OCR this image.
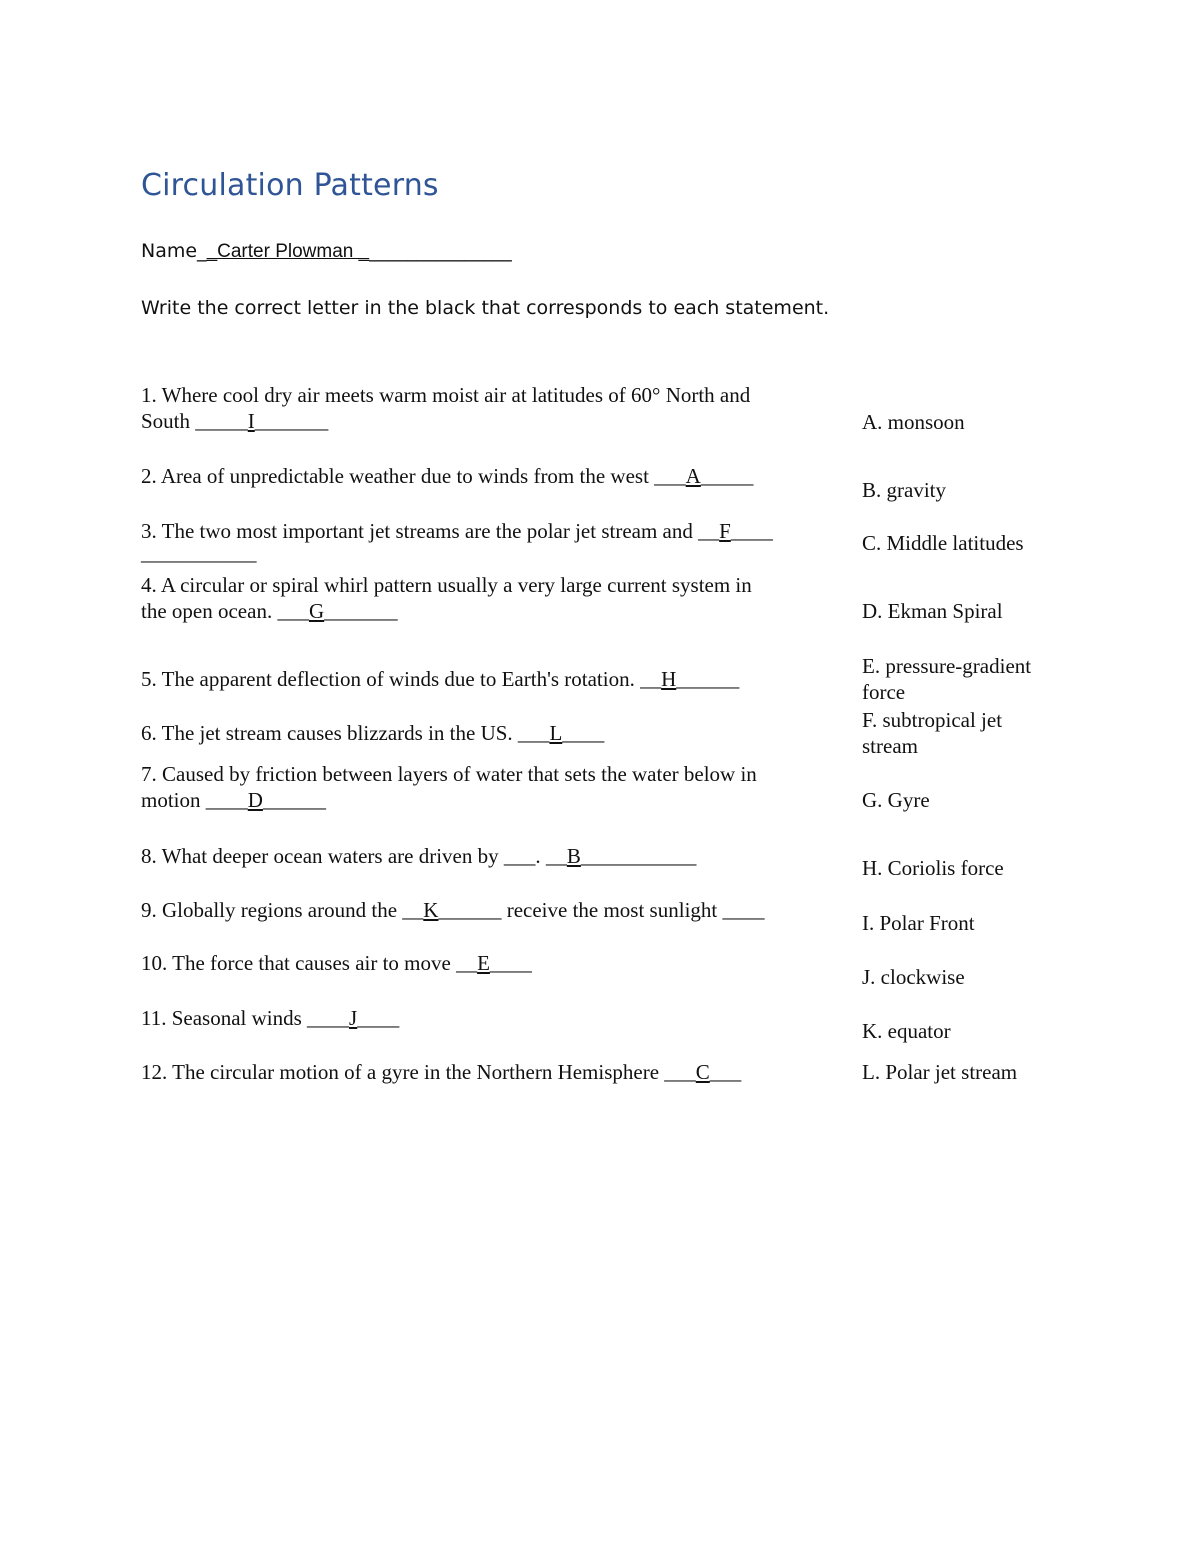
Circulation Patterns
Name__Carter Plowman ________________
Write the correct letter in the black that corresponds to each statement.
1. Where cool dry air meets warm moist air at latitudes of 60° North and
South _____I_______
2. Area of unpredictable weather due to winds from the west ___A_____
3. The two most important jet streams are the polar jet stream and __F____
___________
4. A circular or spiral whirl pattern usually a very large current system in
the open ocean. ___G_______
5. The apparent deflection of winds due to Earth's rotation. __H______
6. The jet stream causes blizzards in the US. ___L____
7. Caused by friction between layers of water that sets the water below in
motion ____D______
8. What deeper ocean waters are driven by ___. __B___________
9. Globally regions around the __K______ receive the most sunlight ____
10. The force that causes air to move __E____
11. Seasonal winds ____J____
12. The circular motion of a gyre in the Northern Hemisphere ___C___
A. monsoon
B. gravity
C. Middle latitudes
D. Ekman Spiral
E. pressure-gradient
force
F. subtropical jet
stream
G. Gyre
H. Coriolis force
I. Polar Front
J. clockwise
K. equator
L. Polar jet stream
